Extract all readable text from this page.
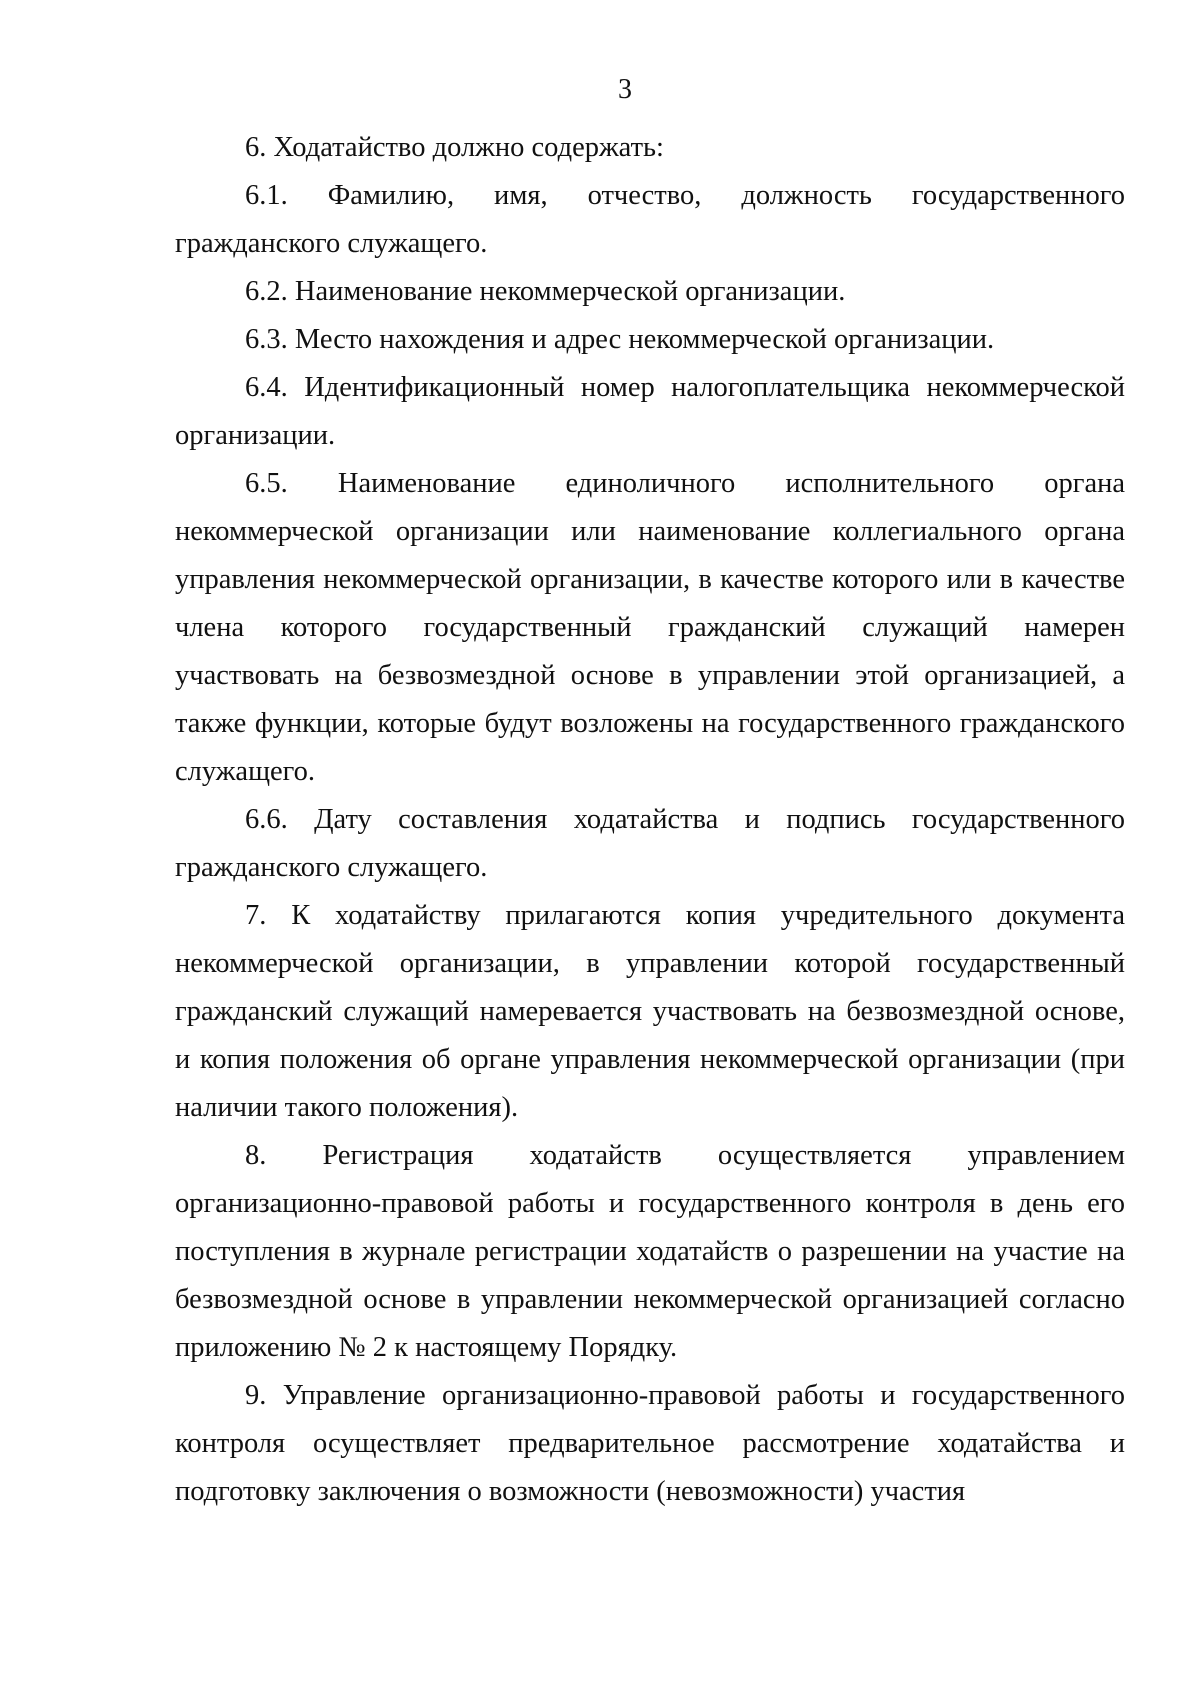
3

6. Ходатайство должно содержать:

6.1. Фамилию, имя, отчество, должность государственного гражданского служащего.

6.2. Наименование некоммерческой организации.

6.3. Место нахождения и адрес некоммерческой организации.

6.4. Идентификационный номер налогоплательщика некоммерческой организации.

6.5. Наименование единоличного исполнительного органа некоммерческой организации или наименование коллегиального органа управления некоммерческой организации, в качестве которого или в качестве члена которого государственный гражданский служащий намерен участвовать на безвозмездной основе в управлении этой организацией, а также функции, которые будут возложены на государственного гражданского служащего.

6.6. Дату составления ходатайства и подпись государственного гражданского служащего.

7. К ходатайству прилагаются копия учредительного документа некоммерческой организации, в управлении которой государственный гражданский служащий намеревается участвовать на безвозмездной основе, и копия положения об органе управления некоммерческой организации (при наличии такого положения).

8. Регистрация ходатайств осуществляется управлением организационно-правовой работы и государственного контроля в день его поступления в журнале регистрации ходатайств о разрешении на участие на безвозмездной основе в управлении некоммерческой организацией согласно приложению № 2 к настоящему Порядку.

9. Управление организационно-правовой работы и государственного контроля осуществляет предварительное рассмотрение ходатайства и подготовку заключения о возможности (невозможности) участия
